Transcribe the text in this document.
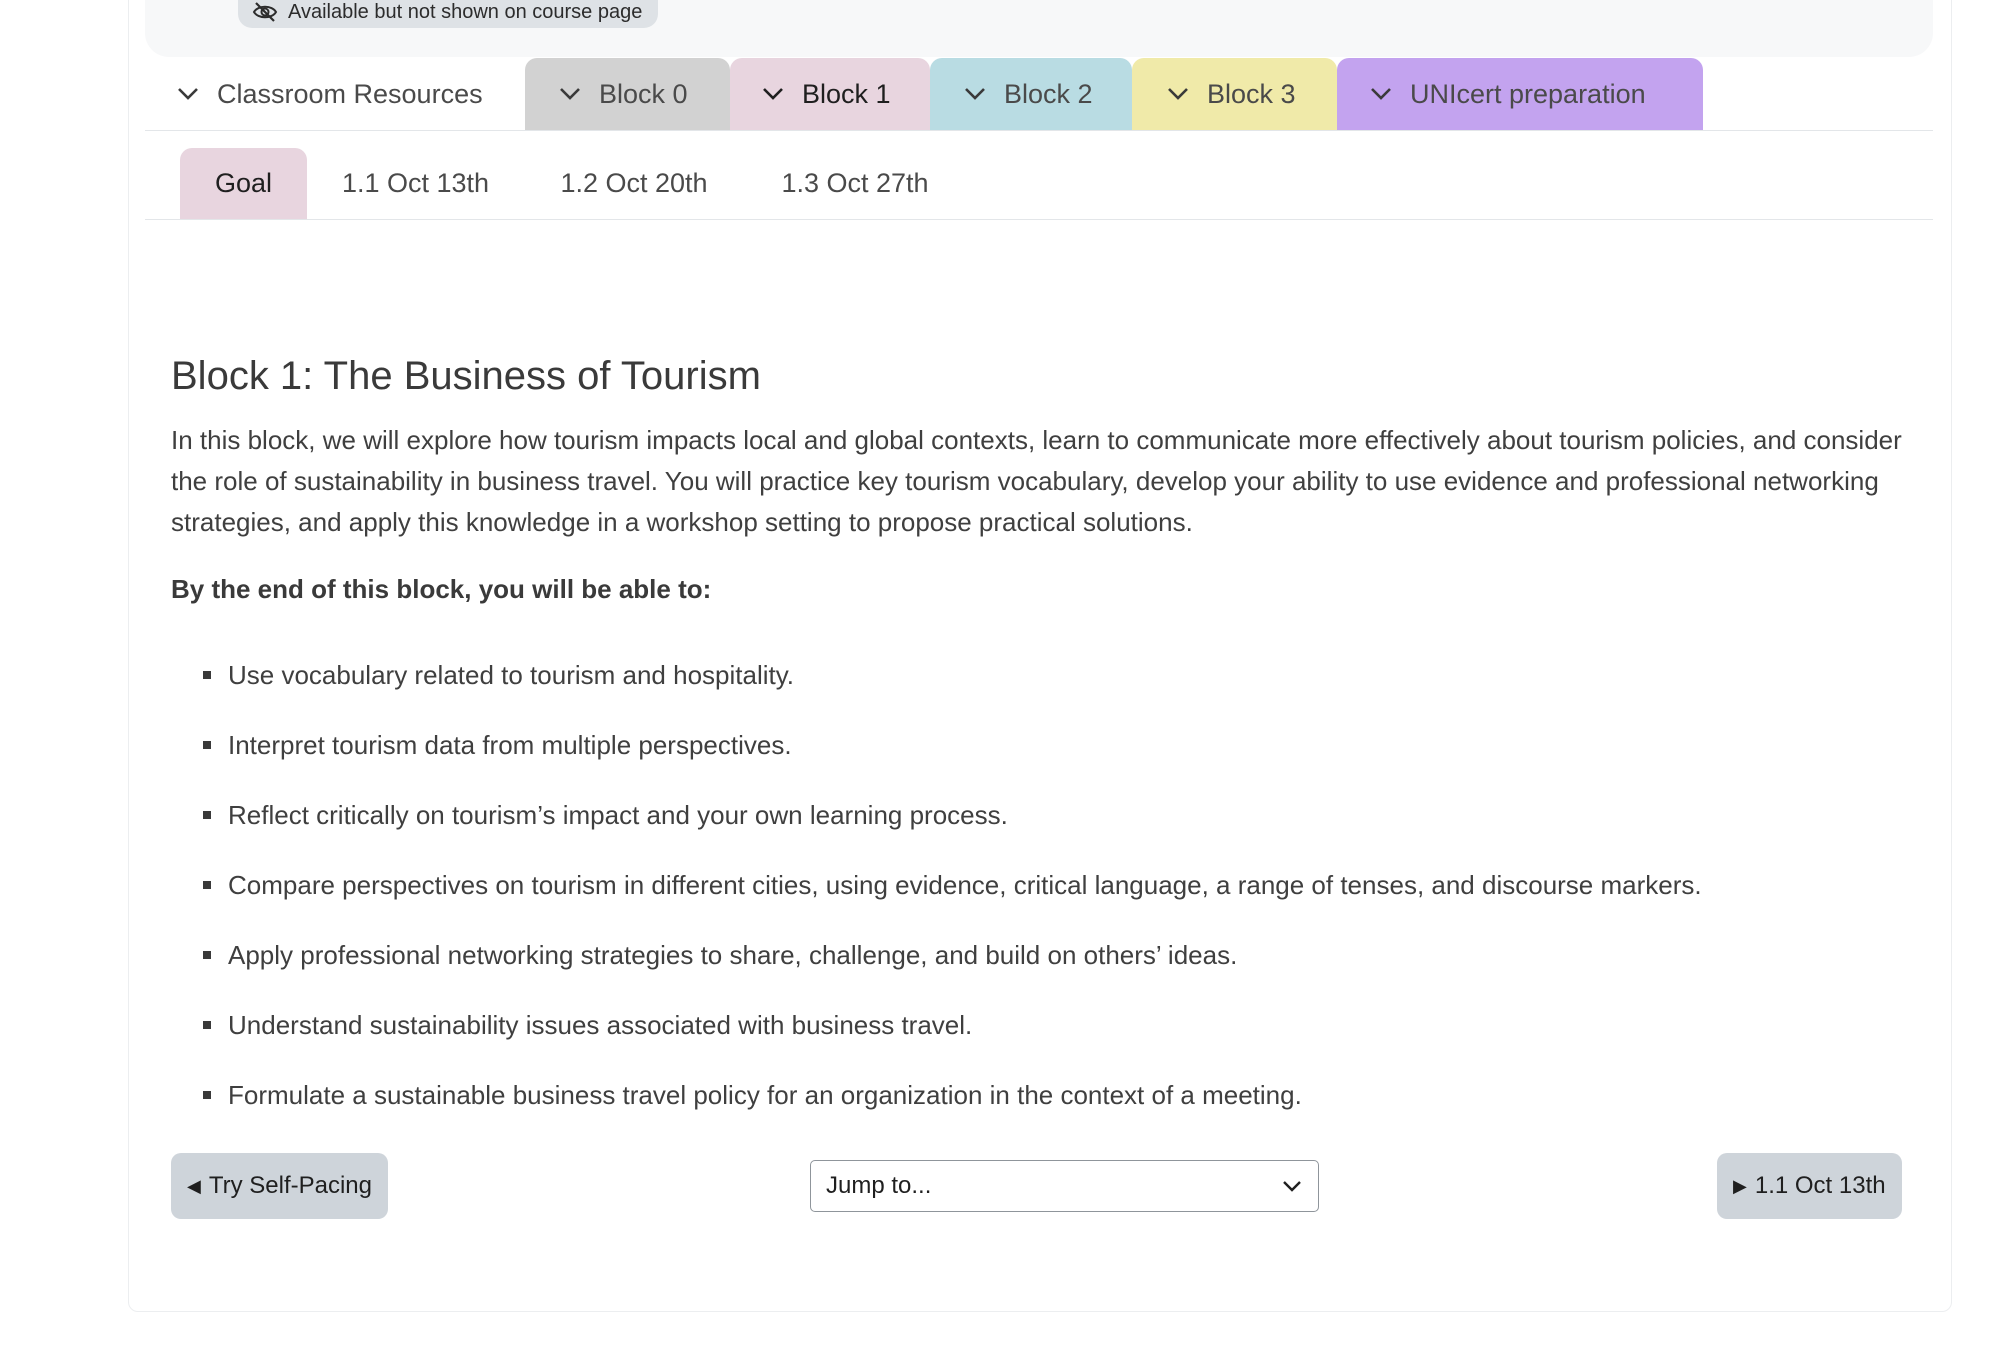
Available but not shown on course page
Classroom Resources	Block 0	Block 1	Block 2	Block 3	UNIcert preparation
Goal	1.1 Oct 13th	1.2 Oct 20th	1.3 Oct 27th
Block 1: The Business of Tourism

In this block, we will explore how tourism impacts local and global contexts, learn to communicate more effectively about tourism policies, and consider the role of sustainability in business travel. You will practice key tourism vocabulary, develop your ability to use evidence and professional networking strategies, and apply this knowledge in a workshop setting to propose practical solutions.

By the end of this block, you will be able to:

Use vocabulary related to tourism and hospitality.
Interpret tourism data from multiple perspectives.
Reflect critically on tourism’s impact and your own learning process.
Compare perspectives on tourism in different cities, using evidence, critical language, a range of tenses, and discourse markers.
Apply professional networking strategies to share, challenge, and build on others’ ideas.
Understand sustainability issues associated with business travel.
Formulate a sustainable business travel policy for an organization in the context of a meeting.
◀ Try Self-Pacing	Jump to...	▶ 1.1 Oct 13th
